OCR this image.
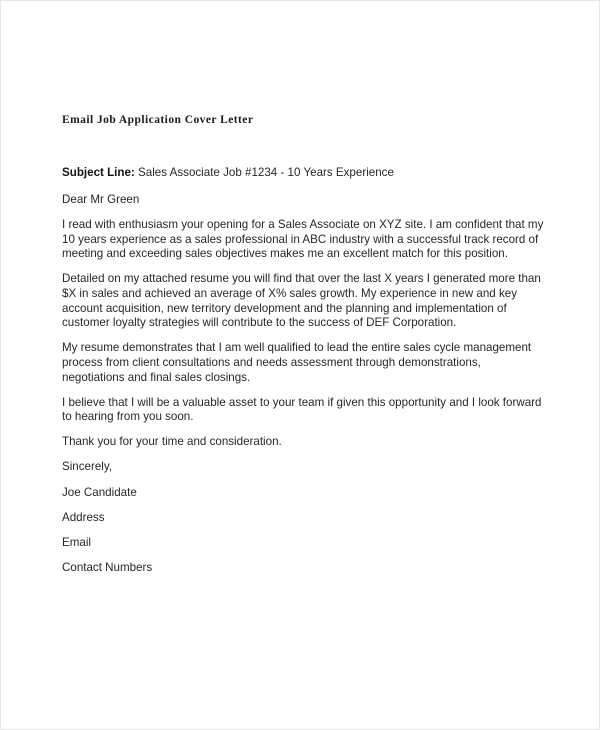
Email Job Application Cover Letter

Subject Line: Sales Associate Job #1234 - 10 Years Experience

Dear Mr Green

I read with enthusiasm your opening for a Sales Associate on XYZ site. I am confident that my 10 years experience as a sales professional in ABC industry with a successful track record of meeting and exceeding sales objectives makes me an excellent match for this position.

Detailed on my attached resume you will find that over the last X years I generated more than $X in sales and achieved an average of X% sales growth. My experience in new and key account acquisition, new territory development and the planning and implementation of customer loyalty strategies will contribute to the success of DEF Corporation.

My resume demonstrates that I am well qualified to lead the entire sales cycle management process from client consultations and needs assessment through demonstrations, negotiations and final sales closings.

I believe that I will be a valuable asset to your team if given this opportunity and I look forward to hearing from you soon.

Thank you for your time and consideration.

Sincerely,

Joe Candidate

Address

Email

Contact Numbers
